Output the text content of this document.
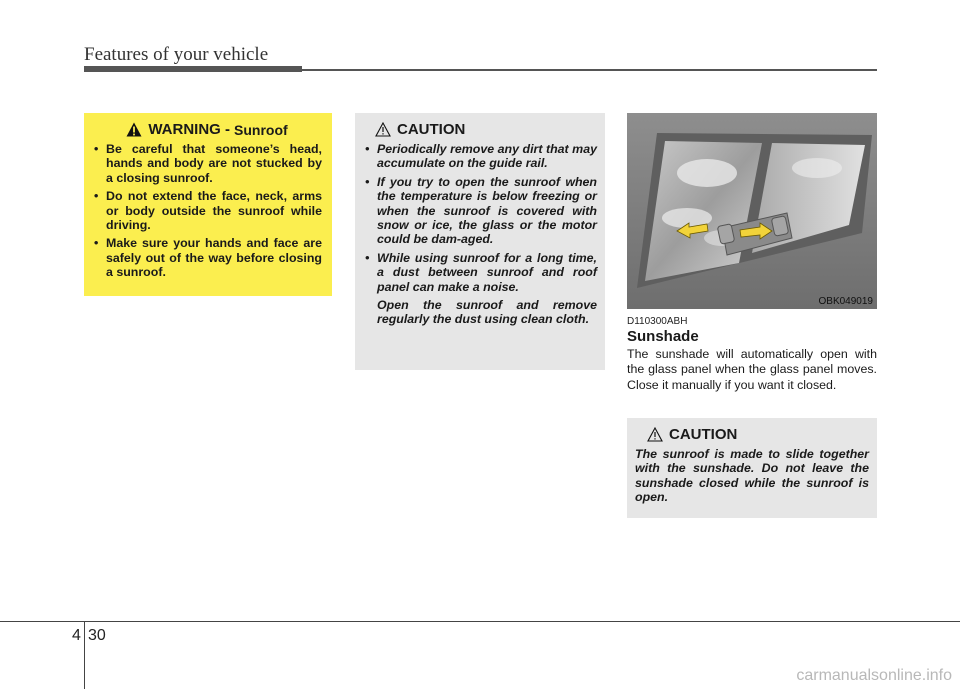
Features of your vehicle
WARNING - Sunroof
• Be careful that someone’s head, hands and body are not stucked by a closing sunroof.
• Do not extend the face, neck, arms or body outside the sunroof while driving.
• Make sure your hands and face are safely out of the way before closing a sunroof.
CAUTION
• Periodically remove any dirt that may accumulate on the guide rail.
• If you try to open the sunroof when the temperature is below freezing or when the sunroof is covered with snow or ice, the glass or the motor could be dam-aged.
• While using sunroof for a long time, a dust between sunroof and roof panel can make a noise.

Open the sunroof and remove regularly the dust using clean cloth.

OBK049019
D110300ABH
Sunshade

The sunshade will automatically open with the glass panel when the glass panel moves. Close it manually if you want it closed.

CAUTION

The sunroof is made to slide together with the sunshade. Do not leave the sunshade closed while the sunroof is open.

4 30
carmanualsonline.info
